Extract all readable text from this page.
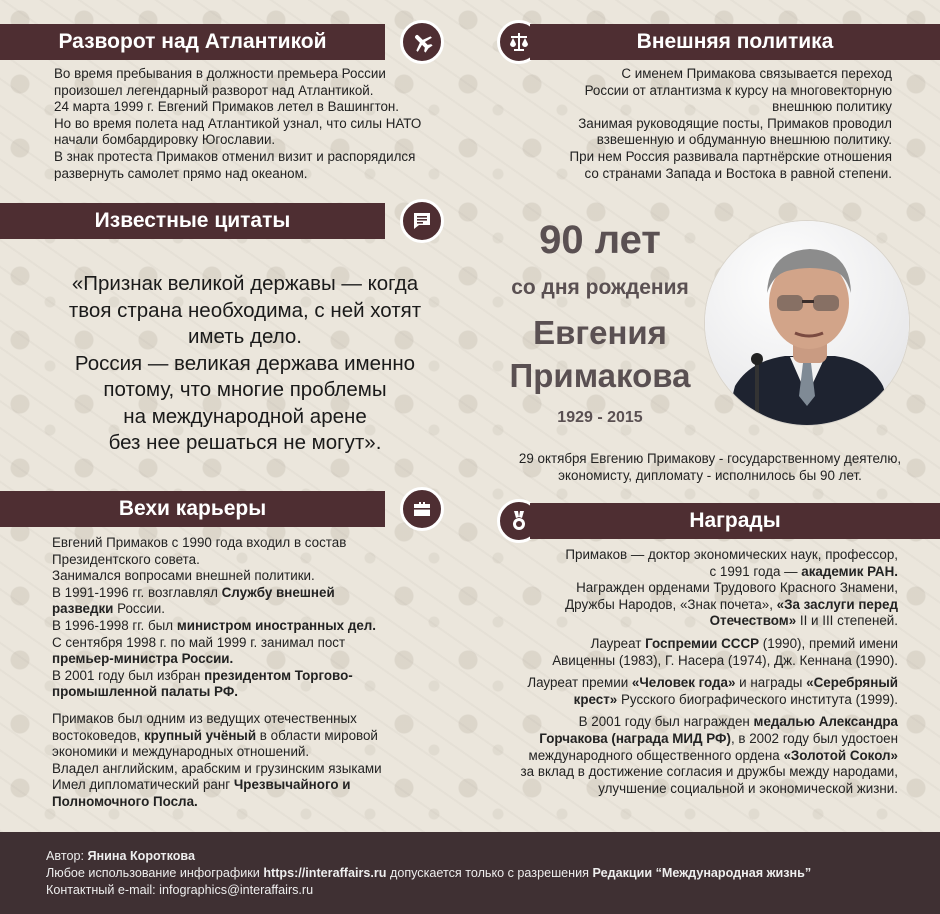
Разворот над Атлантикой

Во время пребывания в должности премьера России

произошел легендарный разворот над Атлантикой.

24 марта 1999 г. Евгений Примаков летел в Вашингтон.

Но во время полета над Атлантикой узнал, что силы НАТО

начали бомбардировку Югославии.

В знак протеста Примаков отменил визит и распорядился

развернуть самолет прямо над океаном.

Внешняя политика

С именем Примакова связывается переход

России от атлантизма к курсу на многовекторную

внешнюю политику

Занимая руководящие посты, Примаков проводил

взвешенную и обдуманную внешнюю политику.

При нем Россия развивала партнёрские отношения

со странами Запада и Востока в равной степени.

Известные цитаты
«Признак великой державы — когда
твоя страна необходима, с ней хотят
иметь дело.
Россия — великая держава именно
потому, что многие проблемы
на международной арене
без нее решаться не могут».
90 лет
со дня рождения
Евгения
Примакова
1929 - 2015

29 октября Евгению Примакову - государственному деятелю,

экономисту, дипломату - исполнилось бы 90 лет.

Вехи карьеры

Евгений Примаков с 1990 года входил в состав

Президентского совета.

Занимался вопросами внешней политики.

В 1991-1996 гг. возглавлял Службу внешней

разведки России.

В 1996-1998 гг. был министром иностранных дел.

С сентября 1998 г. по май 1999 г. занимал пост

премьер-министра России.

В 2001 году был избран президентом Торгово-

промышленной палаты РФ.

Примаков был одним из ведущих отечественных

востоковедов, крупный учёный в области мировой

экономики и международных отношений.

Владел английским, арабским и грузинским языками

Имел дипломатический ранг Чрезвычайного и

Полномочного Посла.

Награды

Примаков — доктор экономических наук, профессор,

с 1991 года — академик РАН.

Награжден орденами Трудового Красного Знамени,

Дружбы Народов, «Знак почета», «За заслуги перед

Отечеством» II и III степеней.

Лауреат Госпремии СССР (1990), премий имени

Авиценны (1983), Г. Насера (1974), Дж. Кеннана (1990).

Лауреат премии «Человек года» и награды «Серебряный

крест» Русского биографического института (1999).

В 2001 году был награжден медалью Александра

Горчакова (награда МИД РФ), в 2002 году был удостоен

международного общественного ордена «Золотой Сокол»

за вклад в достижение согласия и дружбы между народами,

улучшение социальной и экономической жизни.

Автор: Янина Короткова
Любое использование инфографики https://interaffairs.ru допускается только с разрешения Редакции “Международная жизнь”
Контактный e-mail: infographics@interaffairs.ru
